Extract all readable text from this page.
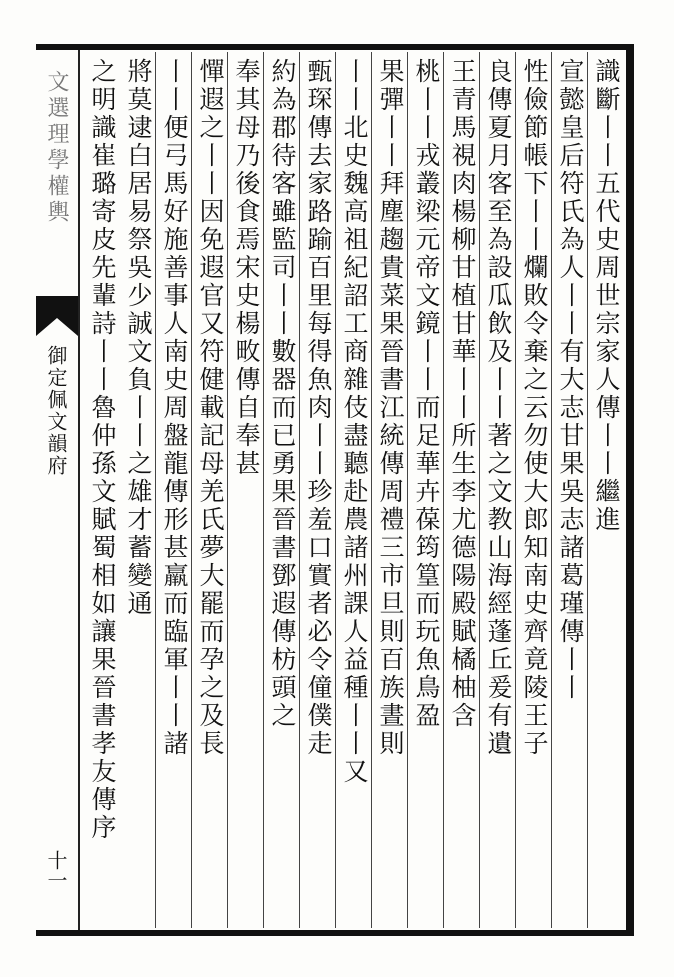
文選理學權輿
御定佩文韻府
十一
識斷丨丨五代史周世宗家人傳丨丨繼進
宣懿皇后符氏為人丨丨有大志甘果吳志諸葛瑾傳丨丨
性儉節帳下丨丨爛敗令棄之云勿使大郎知南史齊竟陵王子
良傳夏月客至為設瓜飲及丨丨著之文教山海經蓬丘爰有遺
王青馬視肉楊柳甘植甘華丨丨所生李尤德陽殿賦橘柚含
桃丨丨戎叢梁元帝文鏡丨丨而足華卉葆筠篁而玩魚鳥盈
果彈丨丨拜塵趨貴菜果晉書江統傳周禮三市旦則百族晝則
丨丨北史魏高祖紀詔工商雜伎盡聽赴農諸州課人益種丨丨又
甄琛傳去家路踰百里每得魚肉丨丨珍羞口實者必令僮僕走
約為郡待客雖監司丨丨數器而已勇果晉書鄧遐傳枋頭之
奉其母乃後食焉宋史楊畋傳自奉甚
憚遐之丨丨因免遐官又符健載記母羌氏夢大罷而孕之及長
丨丨便弓馬好施善事人南史周盤龍傳形甚羸而臨軍丨丨諸
將莫逮白居易祭吳少誠文負丨丨之雄才蓄變通
之明識崔璐寄皮先輩詩丨丨魯仲孫文賦蜀相如讓果晉書孝友傳序
